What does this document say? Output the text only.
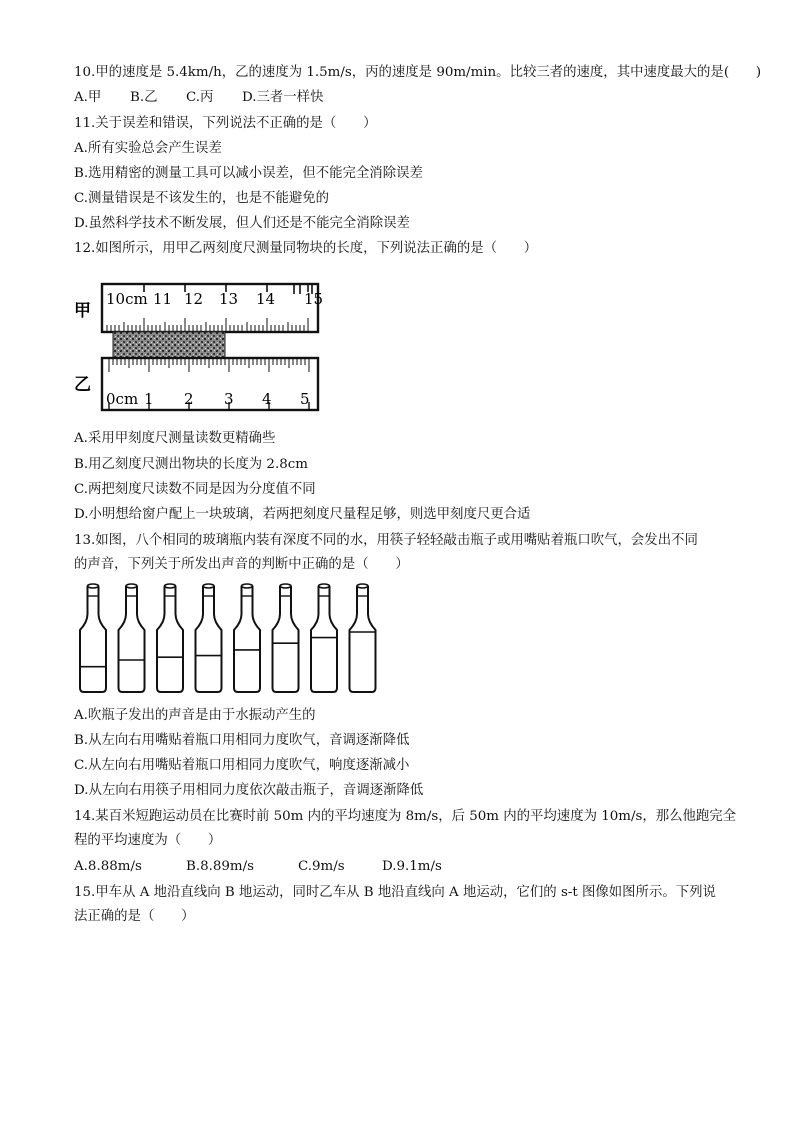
10.甲的速度是 5.4km/h，乙的速度为 1.5m/s，丙的速度是 90m/min。比较三者的速度，其中速度最大的是(　　)
A.甲 B.乙 C.丙 D.三者一样快
11.关于误差和错误，下列说法不正确的是（　　）
A.所有实验总会产生误差
B.选用精密的测量工具可以减小误差，但不能完全消除误差
C.测量错误是不该发生的，也是不能避免的
D.虽然科学技术不断发展，但人们还是不能完全消除误差
12.如图所示，用甲乙两刻度尺测量同物块的长度，下列说法正确的是（　　）
甲
乙
10cm 11 12 13 14 15
0cm 1 2 3 4 5
A.采用甲刻度尺测量读数更精确些
B.用乙刻度尺测出物块的长度为 2.8cm
C.两把刻度尺读数不同是因为分度值不同
D.小明想给窗户配上一块玻璃，若两把刻度尺量程足够，则选甲刻度尺更合适
13.如图，八个相同的玻璃瓶内装有深度不同的水，用筷子轻轻敲击瓶子或用嘴贴着瓶口吹气，会发出不同
的声音，下列关于所发出声音的判断中正确的是（　　）
A.吹瓶子发出的声音是由于水振动产生的
B.从左向右用嘴贴着瓶口用相同力度吹气，音调逐渐降低
C.从左向右用嘴贴着瓶口用相同力度吹气，响度逐渐减小
D.从左向右用筷子用相同力度依次敲击瓶子，音调逐渐降低
14.某百米短跑运动员在比赛时前 50m 内的平均速度为 8m/s，后 50m 内的平均速度为 10m/s，那么他跑完全
程的平均速度为（　　）
A.8.88m/s	B.8.89m/s	C.9m/s	D.9.1m/s
15.甲车从 A 地沿直线向 B 地运动，同时乙车从 B 地沿直线向 A 地运动，它们的 s-t 图像如图所示。下列说
法正确的是（　　）
